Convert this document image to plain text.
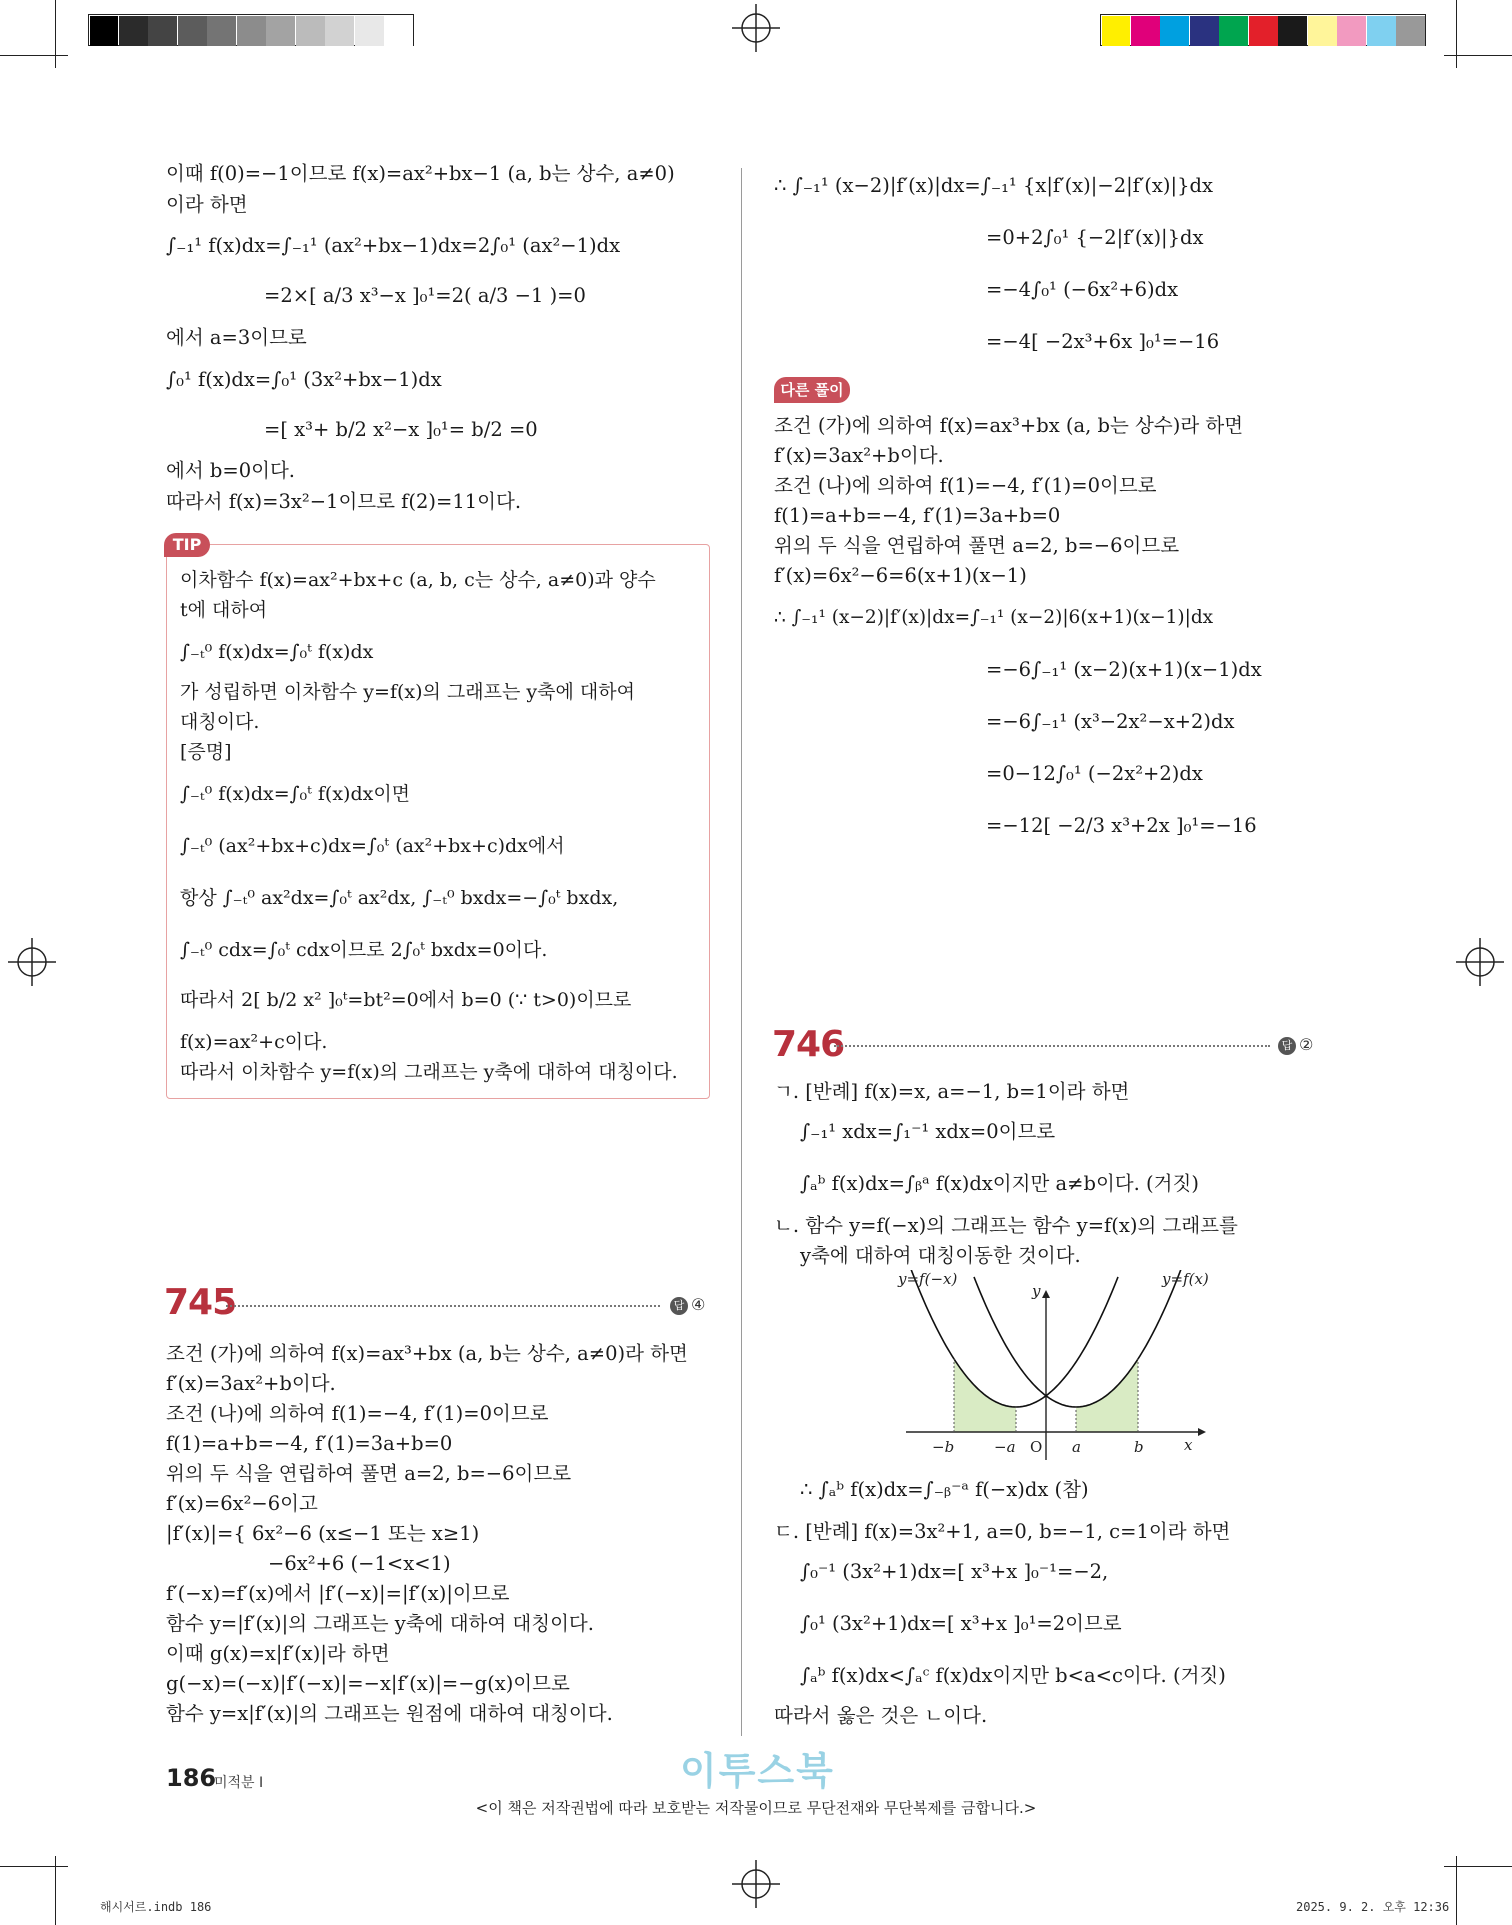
이때 f(0)=−1이므로 f(x)=ax²+bx−1 (a, b는 상수, a≠0)
이라 하면
∫₋₁¹ f(x)dx=∫₋₁¹ (ax²+bx−1)dx=2∫₀¹ (ax²−1)dx
=2×[ a/3 x³−x ]₀¹=2( a/3 −1 )=0
에서 a=3이므로
∫₀¹ f(x)dx=∫₀¹ (3x²+bx−1)dx
=[ x³+ b/2 x²−x ]₀¹= b/2 =0
에서 b=0이다.
따라서 f(x)=3x²−1이므로 f(2)=11이다.
TIP
이차함수 f(x)=ax²+bx+c (a, b, c는 상수, a≠0)과 양수
t에 대하여
∫₋ₜ⁰ f(x)dx=∫₀ᵗ f(x)dx
가 성립하면 이차함수 y=f(x)의 그래프는 y축에 대하여
대칭이다.
[증명]
∫₋ₜ⁰ f(x)dx=∫₀ᵗ f(x)dx이면
∫₋ₜ⁰ (ax²+bx+c)dx=∫₀ᵗ (ax²+bx+c)dx에서
항상 ∫₋ₜ⁰ ax²dx=∫₀ᵗ ax²dx, ∫₋ₜ⁰ bxdx=−∫₀ᵗ bxdx,
∫₋ₜ⁰ cdx=∫₀ᵗ cdx이므로 2∫₀ᵗ bxdx=0이다.
따라서 2[ b/2 x² ]₀ᵗ=bt²=0에서 b=0 (∵ t>0)이므로
f(x)=ax²+c이다.
따라서 이차함수 y=f(x)의 그래프는 y축에 대하여 대칭이다.
745	답 ④
조건 (가)에 의하여 f(x)=ax³+bx (a, b는 상수, a≠0)라 하면
f′(x)=3ax²+b이다.
조건 (나)에 의하여 f(1)=−4, f′(1)=0이므로
f(1)=a+b=−4, f′(1)=3a+b=0
위의 두 식을 연립하여 풀면 a=2, b=−6이므로
f′(x)=6x²−6이고
|f′(x)|={ 6x²−6 (x≤−1 또는 x≥1)
−6x²+6 (−1<x<1)
f′(−x)=f′(x)에서 |f′(−x)|=|f′(x)|이므로
함수 y=|f′(x)|의 그래프는 y축에 대하여 대칭이다.
이때 g(x)=x|f′(x)|라 하면
g(−x)=(−x)|f′(−x)|=−x|f′(x)|=−g(x)이므로
함수 y=x|f′(x)|의 그래프는 원점에 대하여 대칭이다.
∴ ∫₋₁¹ (x−2)|f′(x)|dx=∫₋₁¹ {x|f′(x)|−2|f′(x)|}dx
=0+2∫₀¹ {−2|f′(x)|}dx
=−4∫₀¹ (−6x²+6)dx
=−4[ −2x³+6x ]₀¹=−16
다른 풀이
조건 (가)에 의하여 f(x)=ax³+bx (a, b는 상수)라 하면
f′(x)=3ax²+b이다.
조건 (나)에 의하여 f(1)=−4, f′(1)=0이므로
f(1)=a+b=−4, f′(1)=3a+b=0
위의 두 식을 연립하여 풀면 a=2, b=−6이므로
f′(x)=6x²−6=6(x+1)(x−1)
∴ ∫₋₁¹ (x−2)|f′(x)|dx=∫₋₁¹ (x−2)|6(x+1)(x−1)|dx
=−6∫₋₁¹ (x−2)(x+1)(x−1)dx
=−6∫₋₁¹ (x³−2x²−x+2)dx
=0−12∫₀¹ (−2x²+2)dx
=−12[ −2/3 x³+2x ]₀¹=−16
746	답 ②
ㄱ. [반례] f(x)=x, a=−1, b=1이라 하면
∫₋₁¹ xdx=∫₁⁻¹ xdx=0이므로
∫ₐᵇ f(x)dx=∫ᵦᵃ f(x)dx이지만 a≠b이다. (거짓)
ㄴ. 함수 y=f(−x)의 그래프는 함수 y=f(x)의 그래프를
y축에 대하여 대칭이동한 것이다.
∴ ∫ₐᵇ f(x)dx=∫₋ᵦ⁻ᵃ f(−x)dx (참)
ㄷ. [반례] f(x)=3x²+1, a=0, b=−1, c=1이라 하면
∫₀⁻¹ (3x²+1)dx=[ x³+x ]₀⁻¹=−2,
∫₀¹ (3x²+1)dx=[ x³+x ]₀¹=2이므로
∫ₐᵇ f(x)dx<∫ₐᶜ f(x)dx이지만 b<a<c이다. (거짓)
따라서 옳은 것은 ㄴ이다.
y=f(−x)	y=f(x)
y
x
−b	−a O a	b
186
미적분 I	이투스북
<이 책은 저작권법에 따라 보호받는 저작물이므로 무단전재와 무단복제를 금합니다.>
해시서르.indb 186	2025. 9. 2. 오후 12:36
